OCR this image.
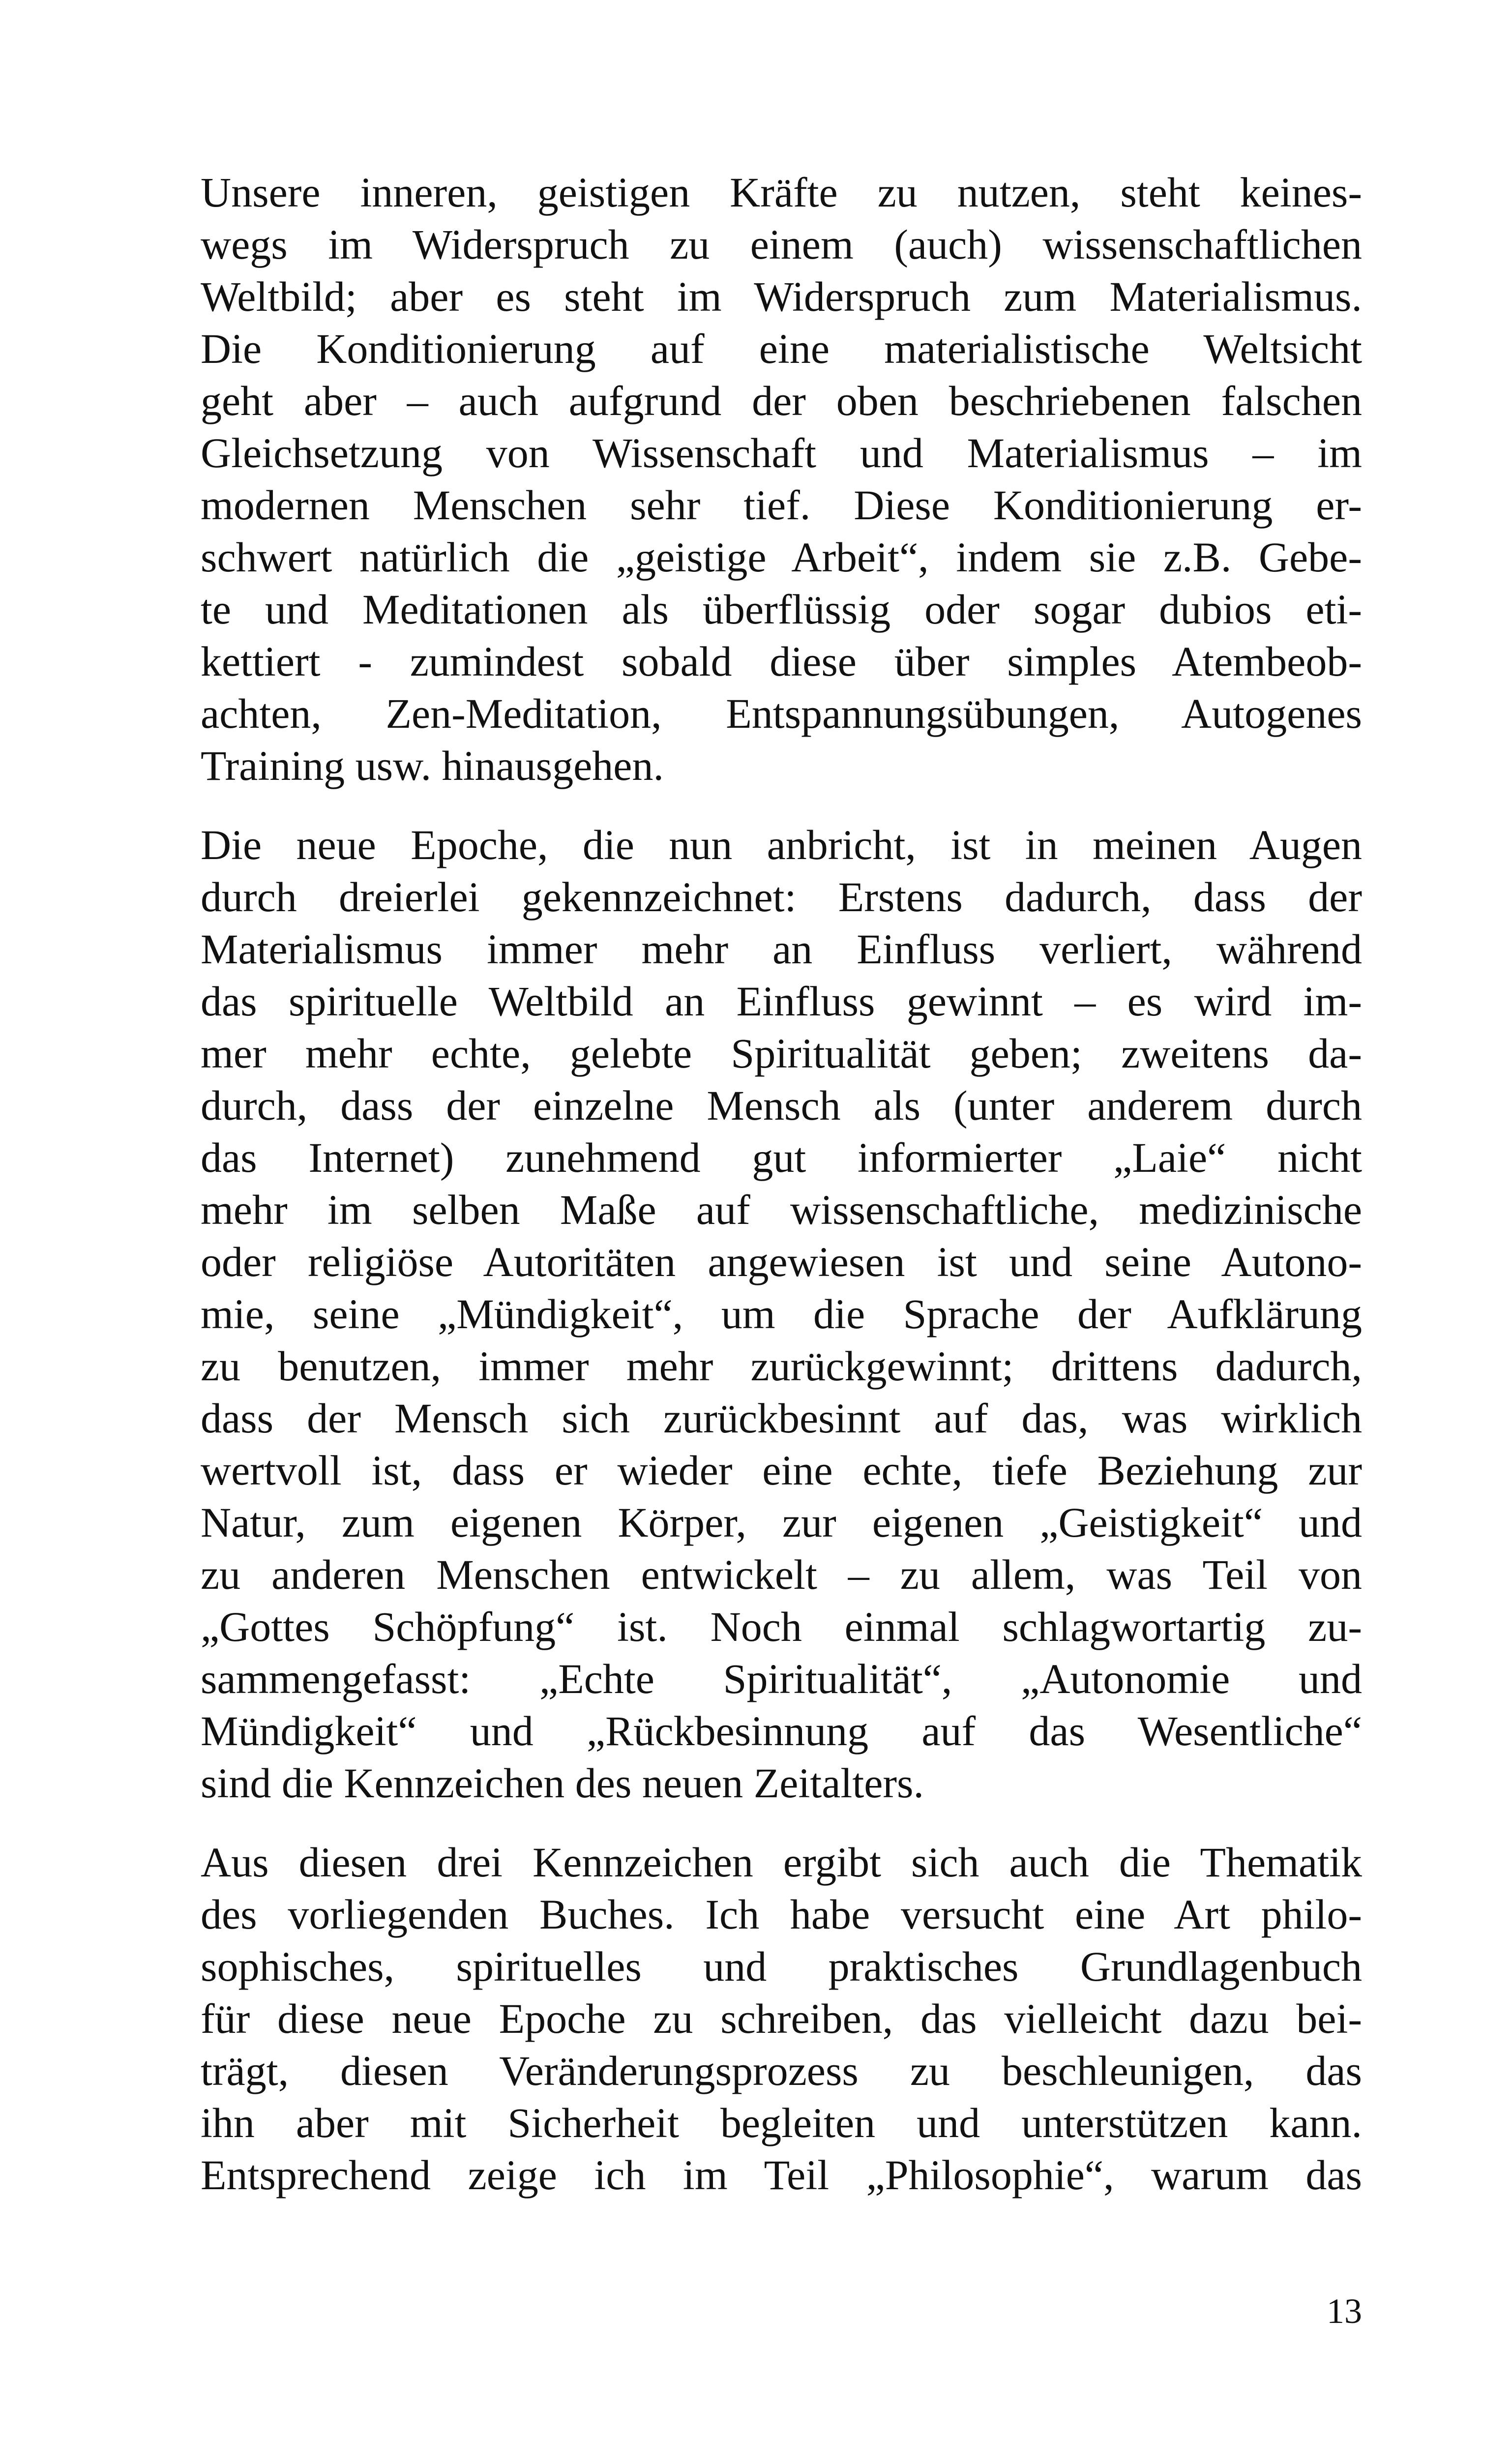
Unsere inneren, geistigen Kräfte zu nutzen, steht keines-
wegs im Widerspruch zu einem (auch) wissenschaftlichen
Weltbild; aber es steht im Widerspruch zum Materialismus.
Die Konditionierung auf eine materialistische Weltsicht
geht aber – auch aufgrund der oben beschriebenen falschen
Gleichsetzung von Wissenschaft und Materialismus – im
modernen Menschen sehr tief. Diese Konditionierung er-
schwert natürlich die „geistige Arbeit“, indem sie z.B. Gebe-
te und Meditationen als überflüssig oder sogar dubios eti-
kettiert - zumindest sobald diese über simples Atembeob-
achten, Zen-Meditation, Entspannungsübungen, Autogenes
Training usw. hinausgehen.
Die neue Epoche, die nun anbricht, ist in meinen Augen
durch dreierlei gekennzeichnet: Erstens dadurch, dass der
Materialismus immer mehr an Einfluss verliert, während
das spirituelle Weltbild an Einfluss gewinnt – es wird im-
mer mehr echte, gelebte Spiritualität geben; zweitens da-
durch, dass der einzelne Mensch als (unter anderem durch
das Internet) zunehmend gut informierter „Laie“ nicht
mehr im selben Maße auf wissenschaftliche, medizinische
oder religiöse Autoritäten angewiesen ist und seine Autono-
mie, seine „Mündigkeit“, um die Sprache der Aufklärung
zu benutzen, immer mehr zurückgewinnt; drittens dadurch,
dass der Mensch sich zurückbesinnt auf das, was wirklich
wertvoll ist, dass er wieder eine echte, tiefe Beziehung zur
Natur, zum eigenen Körper, zur eigenen „Geistigkeit“ und
zu anderen Menschen entwickelt – zu allem, was Teil von
„Gottes Schöpfung“ ist. Noch einmal schlagwortartig zu-
sammengefasst: „Echte Spiritualität“, „Autonomie und
Mündigkeit“ und „Rückbesinnung auf das Wesentliche“
sind die Kennzeichen des neuen Zeitalters.
Aus diesen drei Kennzeichen ergibt sich auch die Thematik
des vorliegenden Buches. Ich habe versucht eine Art philo-
sophisches, spirituelles und praktisches Grundlagenbuch
für diese neue Epoche zu schreiben, das vielleicht dazu bei-
trägt, diesen Veränderungsprozess zu beschleunigen, das
ihn aber mit Sicherheit begleiten und unterstützen kann.
Entsprechend zeige ich im Teil „Philosophie“, warum das
13
